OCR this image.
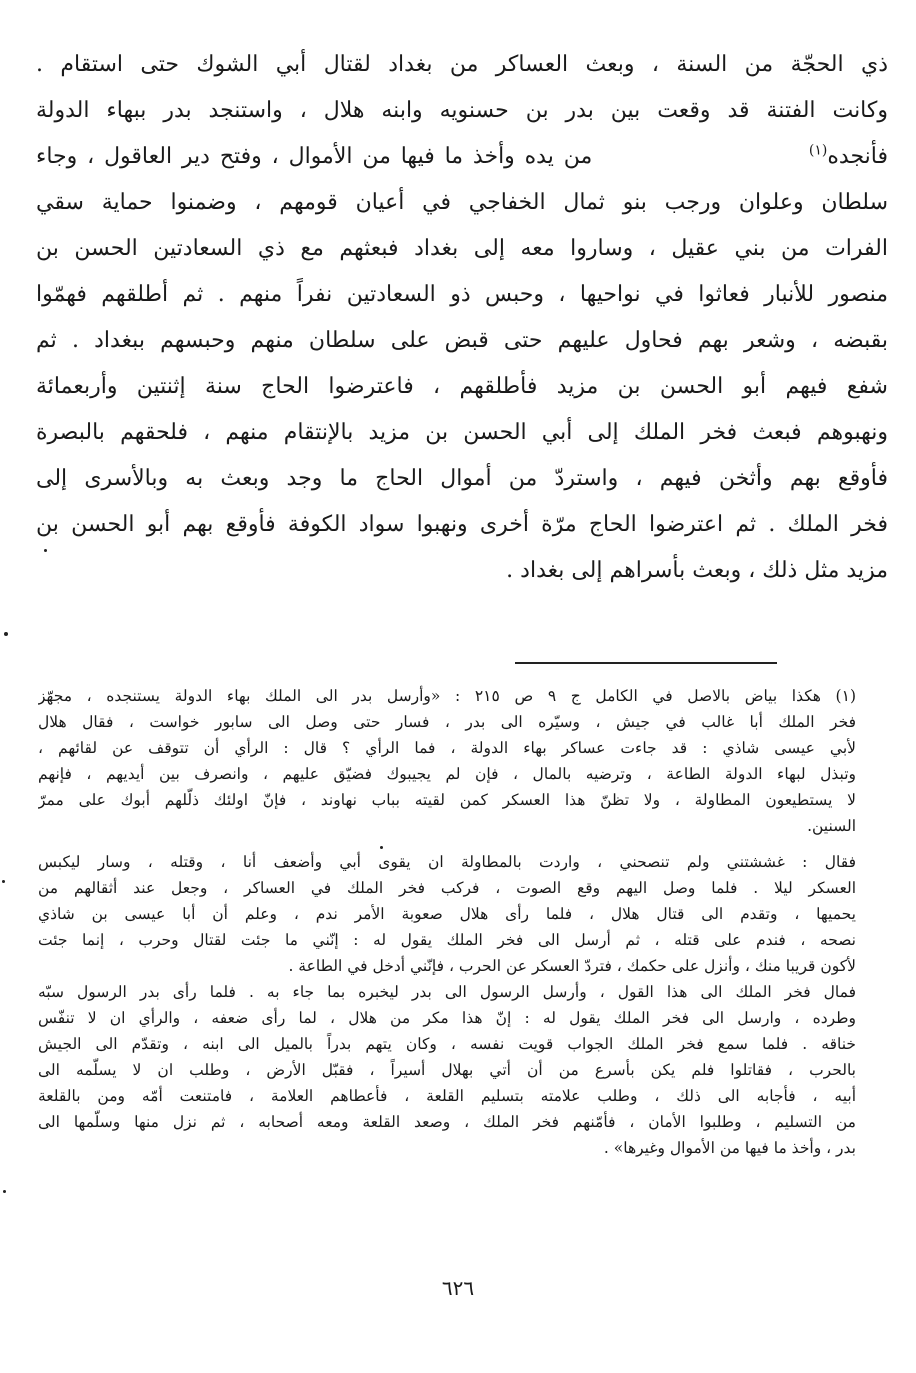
ذي الحجّة من السنة ، وبعث العساكر من بغداد لقتال أبي الشوك حتى استقام .
وكانت الفتنة قد وقعت بين بدر بن حسنويه وابنه هلال ، واستنجد بدر ببهاء الدولة
فأنجده$^{(١)}$                      من يده وأخذ ما فيها من الأموال ، وفتح دير العاقول ، وجاء
سلطان وعلوان ورجب بنو ثمال الخفاجي في أعيان قومهم ، وضمنوا حماية سقي
الفرات من بني عقيل ، وساروا معه إلى بغداد فبعثهم مع ذي السعادتين الحسن بن
منصور للأنبار فعاثوا في نواحيها ، وحبس ذو السعادتين نفراً منهم . ثم أطلقهم فهمّوا
بقبضه ، وشعر بهم فحاول عليهم حتى قبض على سلطان منهم وحبسهم ببغداد . ثم
شفع فيهم أبو الحسن بن مزيد فأطلقهم ، فاعترضوا الحاج سنة إثنتين وأربعمائة
ونهبوهم فبعث فخر الملك إلى أبي الحسن بن مزيد بالإنتقام منهم ، فلحقهم بالبصرة
فأوقع بهم وأثخن فيهم ، واستردّ من أموال الحاج ما وجد وبعث به وبالأسرى إلى
فخر الملك . ثم اعترضوا الحاج مرّة أخرى ونهبوا سواد الكوفة فأوقع بهم أبو الحسن بن
مزيد مثل ذلك ، وبعث بأسراهم إلى بغداد .
(١) هكذا بياض بالاصل في الكامل ج ٩ ص ٢١٥ : «وأرسل بدر الى الملك بهاء الدولة يستنجده ، مجهّز
فخر الملك أبا غالب في جيش ، وسيّره الى بدر ، فسار حتى وصل الى سابور خواست ، فقال هلال
لأبي عيسى شاذي : قد جاءت عساكر بهاء الدولة ، فما الرأي ؟ قال : الرأي أن تتوقف عن لقائهم ،
وتبذل لبهاء الدولة الطاعة ، وترضيه بالمال ، فإن لم يجيبوك فضيّق عليهم ، وانصرف بين أيديهم ، فإنهم
لا يستطيعون المطاولة ، ولا تظنّ هذا العسكر كمن لقيته بباب نهاوند ، فإنّ اولئك ذلّلهم أبوك على ممرّ
السنين.
فقال : غششتني ولم تنصحني ، واردت بالمطاولة ان يقوى أبي وأضعف أنا ، وقتله ، وسار ليكبس
العسكر ليلا . فلما وصل اليهم وقع الصوت ، فركب فخر الملك في العساكر ، وجعل عند أثقالهم من
يحميها ، وتقدم الى قتال هلال ، فلما رأى هلال صعوبة الأمر ندم ، وعلم أن أبا عيسى بن شاذي
نصحه ، فندم على قتله ، ثم أرسل الى فخر الملك يقول له : إنّني ما جئت لقتال وحرب ، إنما جئت
لأكون قريبا منك ، وأنزل على حكمك ، فتردّ العسكر عن الحرب ، فإنّني أدخل في الطاعة .
فمال فخر الملك الى هذا القول ، وأرسل الرسول الى بدر ليخبره بما جاء به . فلما رأى بدر الرسول سبّه
وطرده ، وارسل الى فخر الملك يقول له : إنّ هذا مكر من هلال ، لما رأى ضعفه ، والرأي ان لا تنفّس
خناقه . فلما سمع فخر الملك الجواب قويت نفسه ، وكان يتهم بدراً بالميل الى ابنه ، وتقدّم الى الجيش
بالحرب ، فقاتلوا فلم يكن بأسرع من أن أتي بهلال أسيراً ، فقبّل الأرض ، وطلب ان لا يسلّمه الى
أبيه ، فأجابه الى ذلك ، وطلب علامته بتسليم القلعة ، فأعطاهم العلامة ، فامتنعت أمّه ومن بالقلعة
من التسليم ، وطلبوا الأمان ، فأمّنهم فخر الملك ، وصعد القلعة ومعه أصحابه ، ثم نزل منها وسلّمها الى
بدر ، وأخذ ما فيها من الأموال وغيرها» .
٦٢٦
